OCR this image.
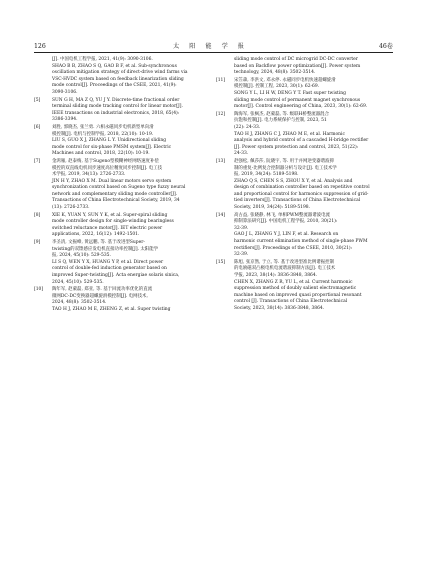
126	太阳能学报	46卷
[J]. 中国电机工程学报, 2021, 41(9): 3090-3106.
SHAO B B, ZHAO S Q, GAO B F, et al. Sub-synchronous
oscillation mitigation strategy of direct-drive wind farms via
VSC-HVDC system based on feedback linearization sliding
mode control[J]. Proceedings of the CSEE, 2021, 41(9):
3090-3106.
[5]	SUN G H, MA Z Q, YU J Y. Discrete-time fractional order
terminal sliding mode tracking control for linear motor[J].
IEEE transactions on industrial electronics, 2018, 65(4):
3386-3394.
[6]	刘胜, 郭晓杰, 张兰勇. 六相永磁同步电机新型单向滑
模控制[J]. 电机与控制学报, 2018, 22(10): 10-19.
LIU S, GUO X J, ZHANG L Y. Unidirectional sliding
mode control for six-phase PMSM system[J]. Electric
Machines and control, 2018, 22(10): 10-19.
[7]	金鸿雁, 赵泰梅, 基于Sugeno型模糊神经网络速度补偿
模控的双直线电机同步速度高位精度同步控制[J]. 电工技
术学报, 2019, 34(13): 2726-2733.
JIN H Y, ZHAO X M. Dual linear motors servo system
synchronization control based on Sugeno type fuzzy neural
network and complementary sliding mode controller[J].
Transactions of China Electrotechnical Society, 2019, 34
(13): 2726-2733.
[8]	XIE K, YUAN Y, SUN Y K, et al. Super-spiral sliding
mode controller design for single-winding bearingless
switched reluctance motor[J]. IET electric power
applications, 2022, 16(12): 1492-1501.
[9]	李圣清, 文振峰, 黄远鹏, 等. 基于改进型Super-
twisting的双馈感应发电机直接功率控制[J]. 太阳能学
报, 2024, 45(10): 529-535.
LI S Q, WEN Y X, HUANG Y P, et al. Direct power
control of double-fed induction generator based on
improved Super-twisting[J]. Acta energiae solaris sinica,
2024, 45(10): 529-535.
[10] 陶年军, 赵蒙磊, 郑亚, 等. 基于回流功率优化的直流
微网DC-DC变换器超螺旋滑模控制[J]. 电网技术,
2024, 48(8): 3502-3514.
TAO H J, ZHAO M E, ZHENG Z, et al. Super twisting
sliding mode control of DC microgrid DC-DC converter
based on Backflow power optimization[J]. Power system
technology, 2024, 48(8): 3502-3514.
[11] 宋笠森, 李洪文, 邓永停. 永磁同步电机快速超螺旋滑
模控制[J]. 控制工程, 2023, 30(1): 62-69.
SONG Y L, LI H W, DENG Y T. Fast super twisting
sliding mode control of permanent magnet synchronous
motor[J]. Control engineering of China, 2023, 30(1): 62-69.
[12] 陶海军, 张枫杰, 赵蒙磊, 等. 级联H桥整流器混合
抗饱和控制[J]. 电力系统保护与控制, 2023, 51
(22): 24-33.
TAO H J, ZHANG C J, ZHAO M E, et al. Harmonic
analysis and hybrid control of a cascaded H-bridge rectifier
[J]. Power system protection and control, 2023, 51(22):
24-33.
[13] 赵强松, 佩莎莎, 阮晓宇, 等. 用于并网逆变器谐波抑
制的重复-比例复合控制器分析与设计[J]. 电工技术学
报, 2019, 34(24): 5189-5198.
ZHAO Q S, CHEN S S, ZHOU X Y, et al. Analysis and
design of combination controller based on repetitive control
and proportional control for harmonics suppression of grid-
tied inverters[J]. Transactions of China Electrotechnical
Society, 2019, 34(24): 5189-5198.
[14] 高古益, 张晓静, 林飞, 单相PWM整流器谐波电流
抑制算法研究[J]. 中国电机工程学报, 2010, 30(21):
32-39.
GAO J L, ZHANG Y J, LIN F, et al. Research on
harmonic current elimination method of single-phase PWM
rectifiers[J]. Proceedings of the CSEE, 2010, 30(21):
32-39.
[15] 陈旭, 张京然, 于立, 等. 基于改进型准比例谐振控制
的电励磁双凸极电机电流谐波抑制方法[J]. 电工技术
学报, 2023, 38(14): 3836-3848, 3864.
CHEN X, ZHANG Z R, YU L, et al. Current harmonic
suppression method of doubly salient electromagnetic
machine based on improved quasi proportional resonant
control [J]. Transactions of China Electrotechnical
Society, 2023, 38(14): 3836-3848, 3864.
